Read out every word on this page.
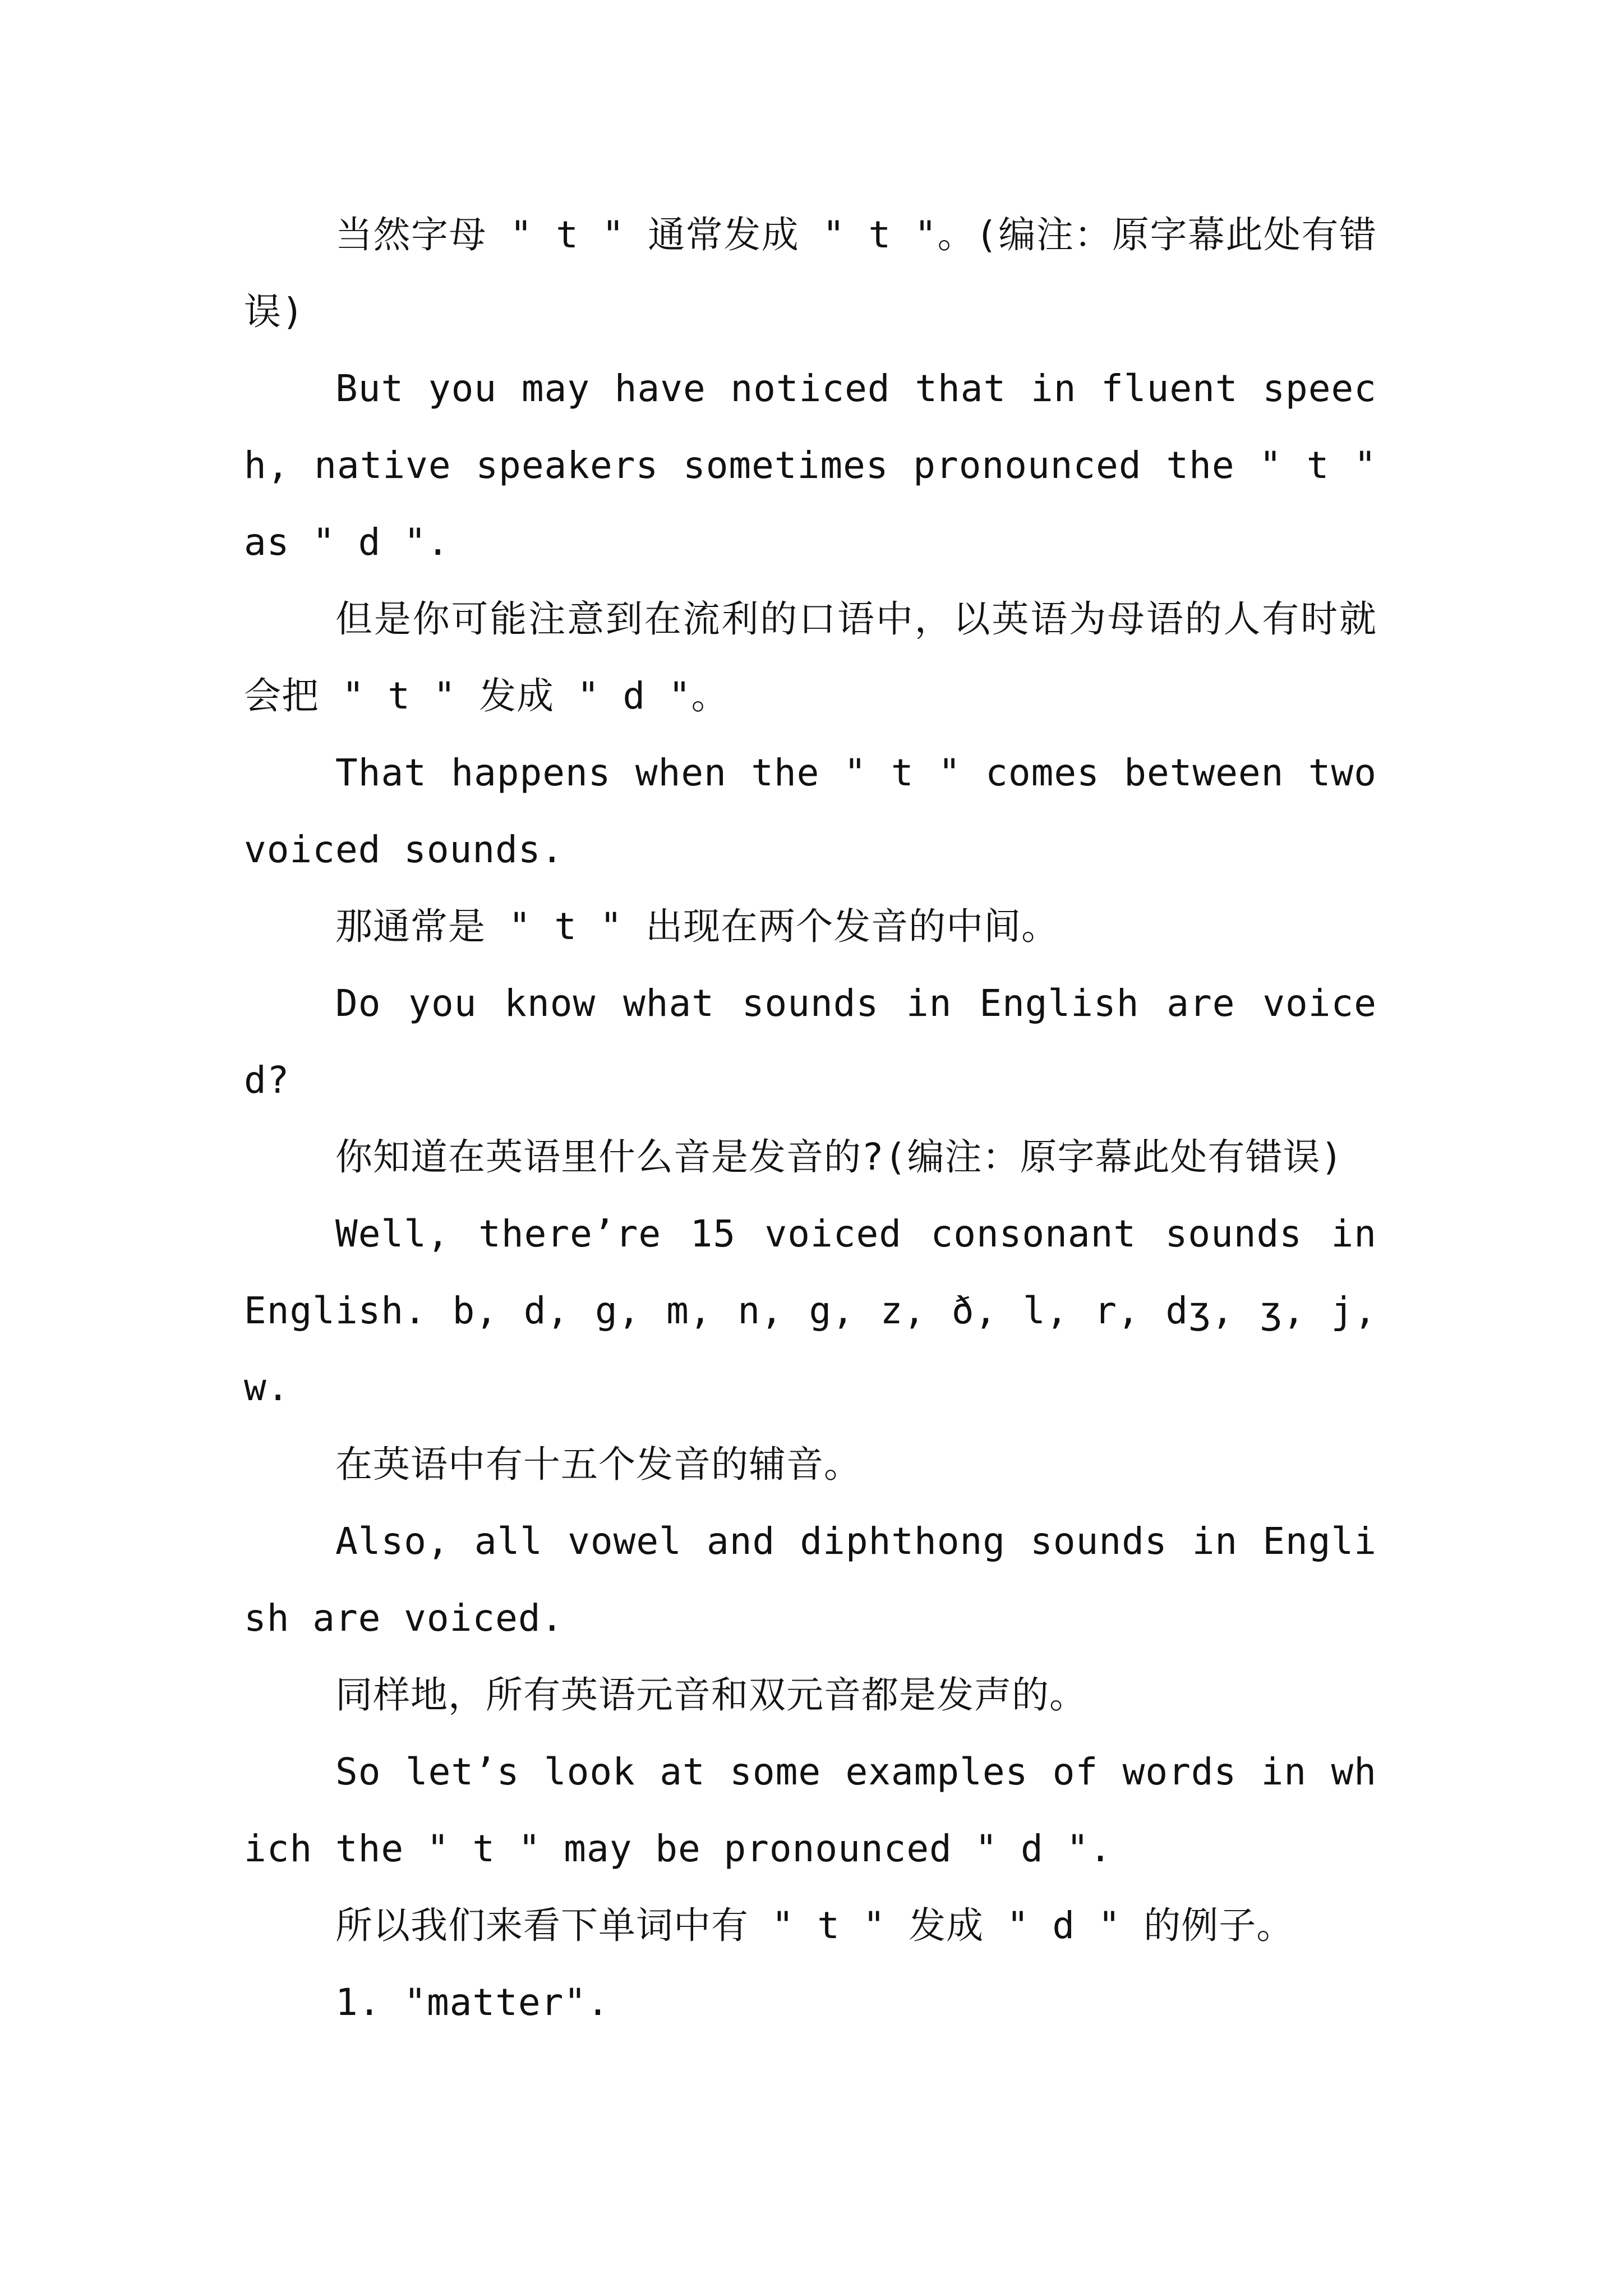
当然字母 " t " 通常发成 " t "。(编注：原字幕此处有错误)

But you may have noticed that in fluent speech, native speakers sometimes pronounced the " t " as " d ".

但是你可能注意到在流利的口语中，以英语为母语的人有时就会把 " t " 发成 " d "。

That happens when the " t " comes between two voiced sounds.

那通常是 " t " 出现在两个发音的中间。

Do you know what sounds in English are voiced?

你知道在英语里什么音是发音的?(编注：原字幕此处有错误)

Well, there’re 15 voiced consonant sounds in English. b, d, g, m, n, g, z, ð, l, r, dʒ, ʒ, j, w.

在英语中有十五个发音的辅音。

Also, all vowel and diphthong sounds in English are voiced.

同样地，所有英语元音和双元音都是发声的。

So let’s look at some examples of words in which the " t " may be pronounced " d ".

所以我们来看下单词中有 " t " 发成 " d " 的例子。

1. "matter".
